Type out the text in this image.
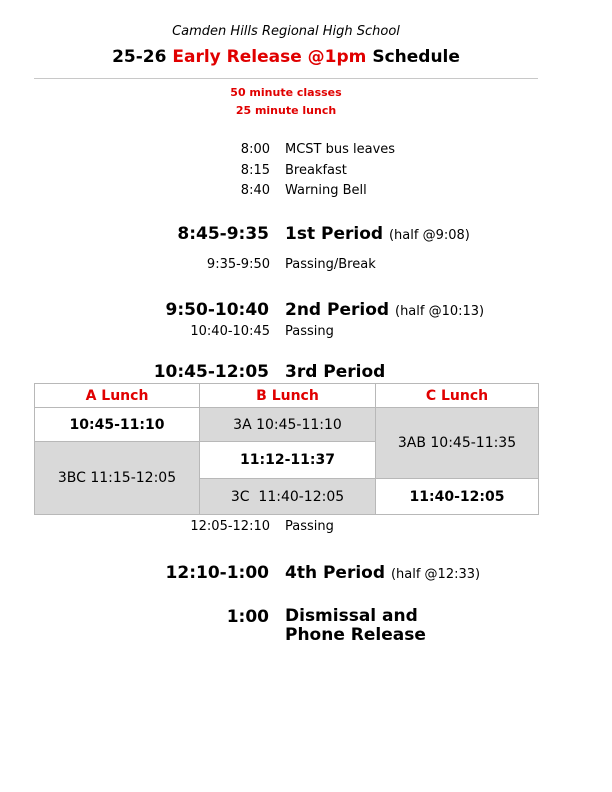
Camden Hills Regional High School
25-26 Early Release @1pm Schedule
50 minute classes
25 minute lunch
8:00 MCST bus leaves
8:15 Breakfast
8:40 Warning Bell
8:45-9:35 1st Period (half @9:08)
9:35-9:50 Passing/Break
9:50-10:40 2nd Period (half @10:13)
10:40-10:45 Passing
10:45-12:05 3rd Period
A Lunch	B Lunch	C Lunch
10:45-11:10	3A 10:45-11:10	3AB 10:45-11:35
3BC 11:15-12:05	11:12-11:37	
	3C  11:40-12:05	11:40-12:05
12:05-12:10 Passing
12:10-1:00 4th Period (half @12:33)
1:00 Dismissal and
Phone Release
